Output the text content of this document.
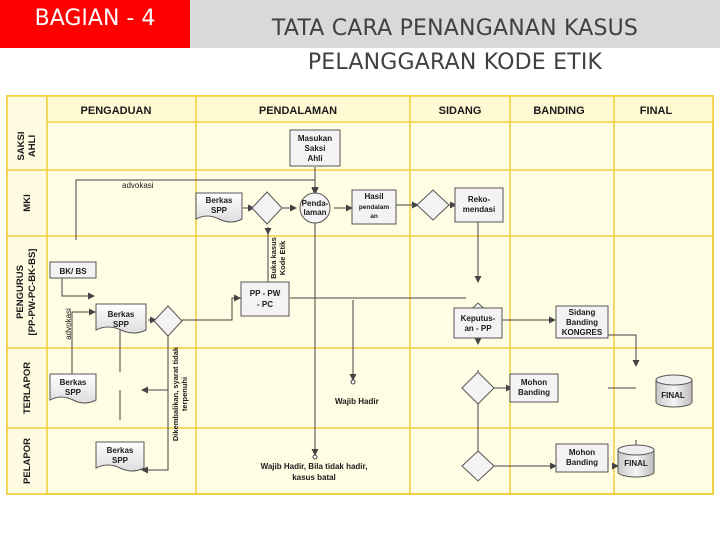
BAGIAN - 4	TATA CARA PENANGANAN KASUS
PELANGGARAN KODE ETIK
PENGADUAN	PENDALAMAN	SIDANG	BANDING	FINAL
SAKSI AHLI
MKI
PENGURUS [PP-PW-PC-BK-BS]
TERLAPOR
PELAPOR
Masukan
Saksi
Ahli
Berkas
SPP
Penda-
laman
Hasil
pendalam
an
Reko-
mendasi
BK/ BS
Berkas
SPP
PP - PW
- PC
Keputus-
an - PP
Sidang
Banding
KONGRES
Berkas
SPP
Mohon
Banding	FINAL
Berkas
SPP
Mohon
Banding	FINAL
advokasi
advokasi
Buka kasus Kode Etik
Dikembalikan, syarat tidak terpenuhi	Wajib Hadir
Wajib Hadir, Bila tidak hadir,
kasus batal
